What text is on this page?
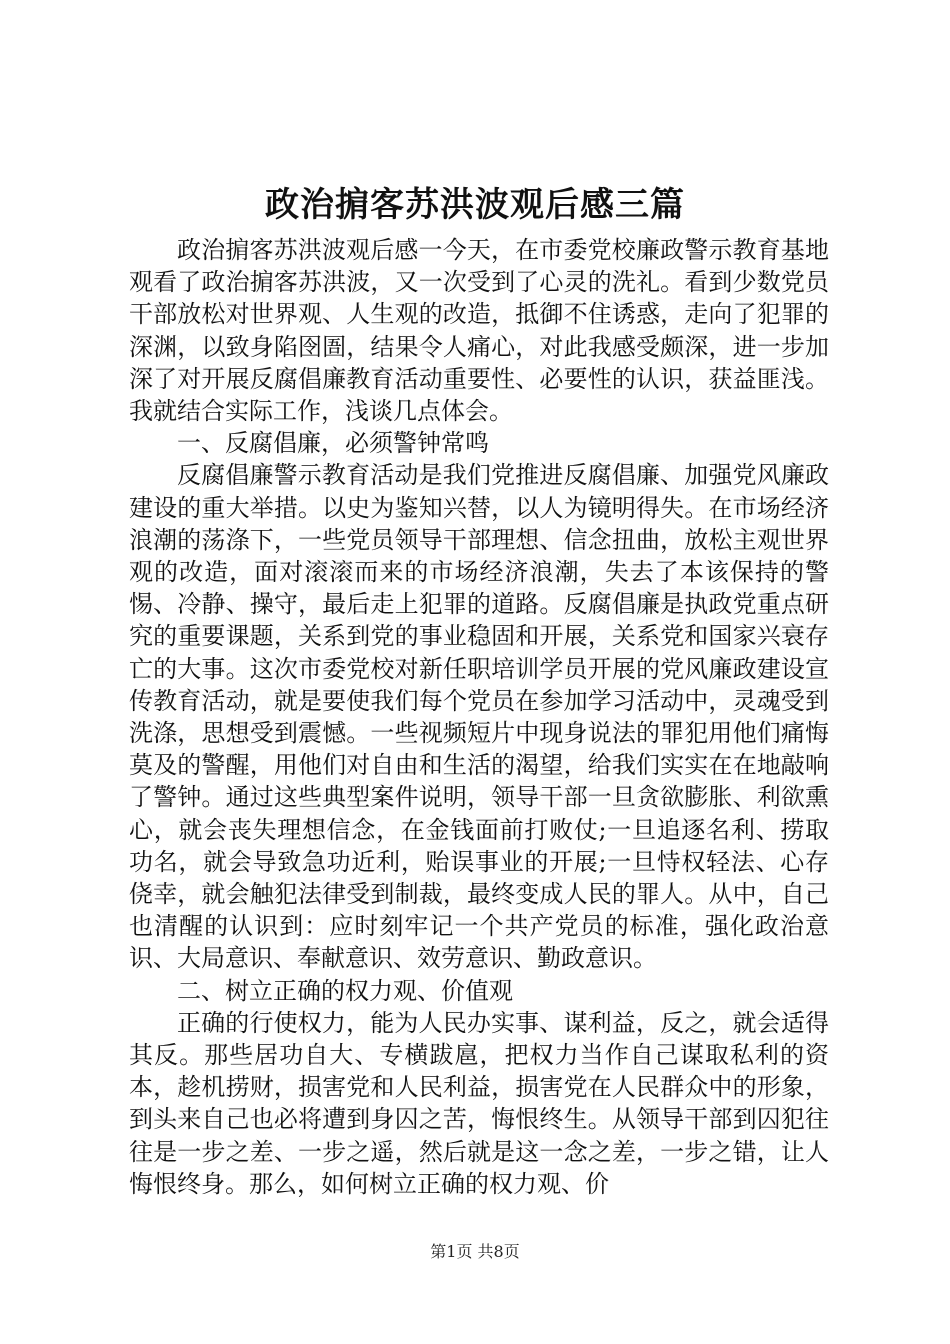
政治掮客苏洪波观后感三篇

政治掮客苏洪波观后感一今天，在市委党校廉政警示教育基地观看了政治掮客苏洪波，又一次受到了心灵的洗礼。看到少数党员干部放松对世界观、人生观的改造，抵御不住诱惑，走向了犯罪的深渊，以致身陷囹圄，结果令人痛心，对此我感受颇深，进一步加深了对开展反腐倡廉教育活动重要性、必要性的认识，获益匪浅。我就结合实际工作，浅谈几点体会。

一、反腐倡廉，必须警钟常鸣

反腐倡廉警示教育活动是我们党推进反腐倡廉、加强党风廉政建设的重大举措。以史为鉴知兴替，以人为镜明得失。在市场经济浪潮的荡涤下，一些党员领导干部理想、信念扭曲，放松主观世界观的改造，面对滚滚而来的市场经济浪潮，失去了本该保持的警惕、冷静、操守，最后走上犯罪的道路。反腐倡廉是执政党重点研究的重要课题，关系到党的事业稳固和开展，关系党和国家兴衰存亡的大事。这次市委党校对新任职培训学员开展的党风廉政建设宣传教育活动，就是要使我们每个党员在参加学习活动中，灵魂受到洗涤，思想受到震憾。一些视频短片中现身说法的罪犯用他们痛悔莫及的警醒，用他们对自由和生活的渴望，给我们实实在在地敲响了警钟。通过这些典型案件说明，领导干部一旦贪欲膨胀、利欲熏心，就会丧失理想信念，在金钱面前打败仗;一旦追逐名利、捞取功名，就会导致急功近利，贻误事业的开展;一旦恃权轻法、心存侥幸，就会触犯法律受到制裁，最终变成人民的罪人。从中，自己也清醒的认识到：应时刻牢记一个共产党员的标准，强化政治意识、大局意识、奉献意识、效劳意识、勤政意识。

二、树立正确的权力观、价值观

正确的行使权力，能为人民办实事、谋利益，反之，就会适得其反。那些居功自大、专横跋扈，把权力当作自己谋取私利的资本，趁机捞财，损害党和人民利益，损害党在人民群众中的形象，到头来自己也必将遭到身囚之苦，悔恨终生。从领导干部到囚犯往往是一步之差、一步之遥，然后就是这一念之差，一步之错，让人悔恨终身。那么，如何树立正确的权力观、价

第1页 共8页
